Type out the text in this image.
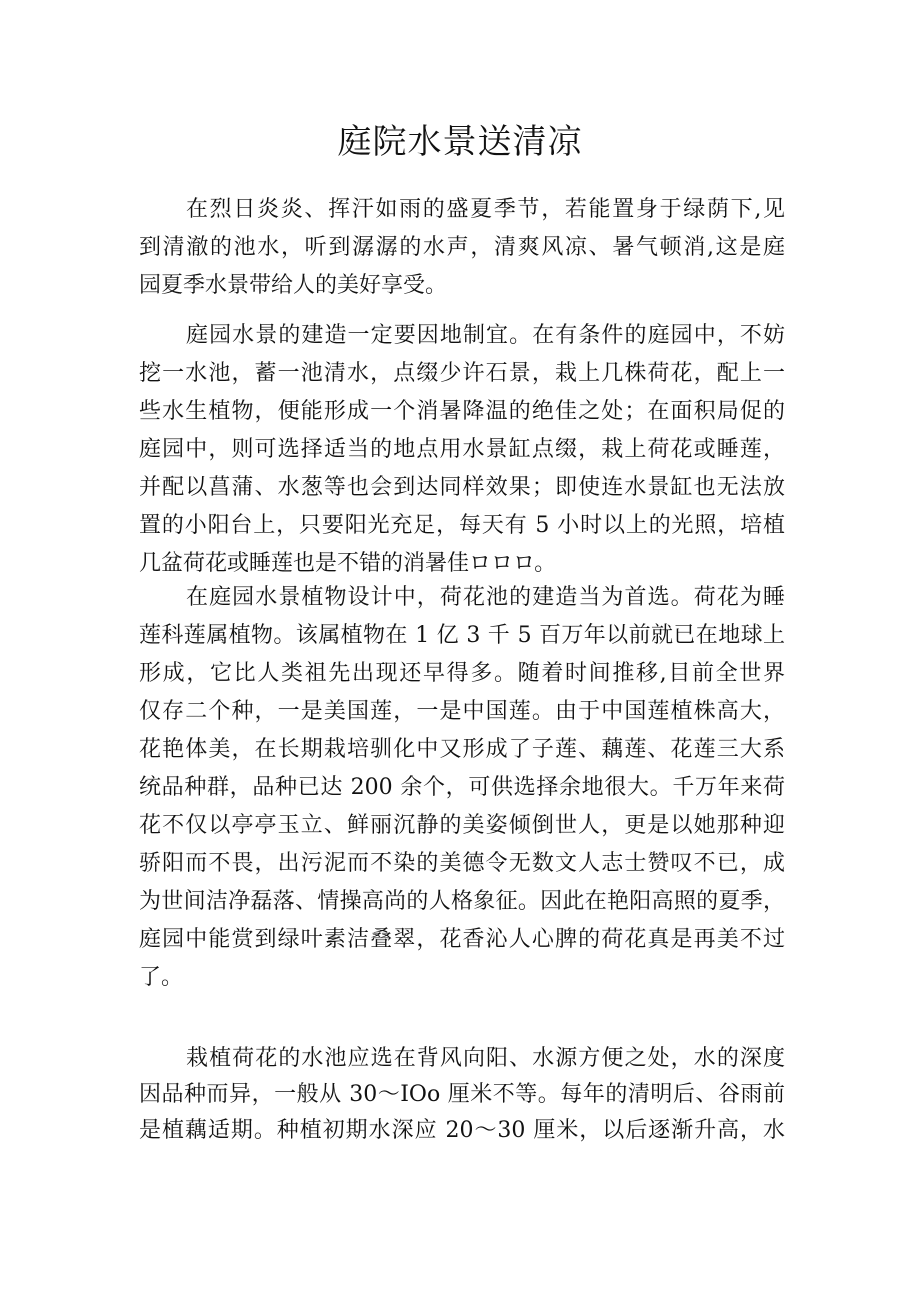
庭院水景送清凉
在烈日炎炎、挥汗如雨的盛夏季节，若能置身于绿荫下,见
到清澈的池水，听到潺潺的水声，清爽风凉、暑气顿消,这是庭
园夏季水景带给人的美好享受。
庭园水景的建造一定要因地制宜。在有条件的庭园中，不妨
挖一水池，蓄一池清水，点缀少许石景，栽上几株荷花，配上一
些水生植物，便能形成一个消暑降温的绝佳之处；在面积局促的
庭园中，则可选择适当的地点用水景缸点缀，栽上荷花或睡莲，
并配以菖蒲、水葱等也会到达同样效果；即使连水景缸也无法放
置的小阳台上，只要阳光充足，每天有 5 小时以上的光照，培植
几盆荷花或睡莲也是不错的消暑佳ロロロ。
在庭园水景植物设计中，荷花池的建造当为首选。荷花为睡
莲科莲属植物。该属植物在 1 亿 3 千 5 百万年以前就已在地球上
形成，它比人类祖先出现还早得多。随着时间推移,目前全世界
仅存二个种，一是美国莲，一是中国莲。由于中国莲植株高大，
花艳体美，在长期栽培驯化中又形成了子莲、藕莲、花莲三大系
统品种群，品种已达 200 余个，可供选择余地很大。千万年来荷
花不仅以亭亭玉立、鲜丽沉静的美姿倾倒世人，更是以她那种迎
骄阳而不畏，出污泥而不染的美德令无数文人志士赞叹不已，成
为世间洁净磊落、情操高尚的人格象征。因此在艳阳高照的夏季，
庭园中能赏到绿叶素洁叠翠，花香沁人心脾的荷花真是再美不过
了。
栽植荷花的水池应选在背风向阳、水源方便之处，水的深度
因品种而异，一般从 30～IOo 厘米不等。每年的清明后、谷雨前
是植藕适期。种植初期水深应 20～30 厘米，以后逐渐升高，水
